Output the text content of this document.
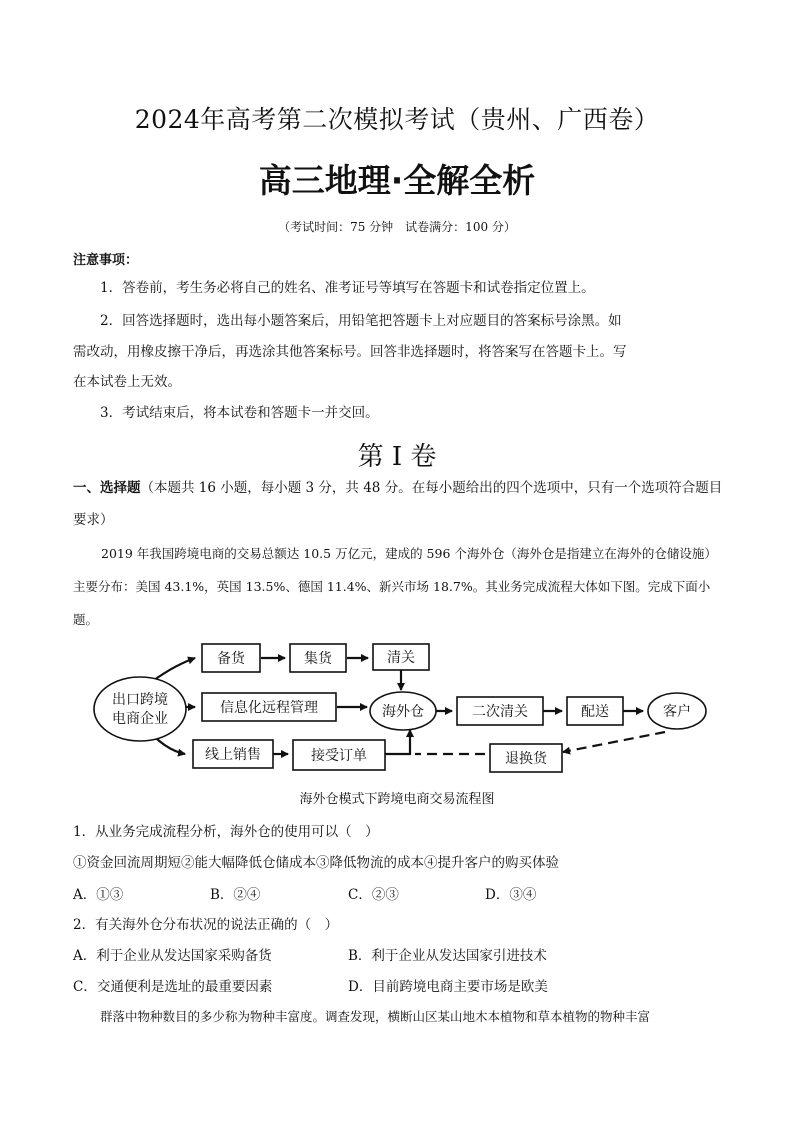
2024年高考第二次模拟考试（贵州、广西卷）
高三地理·全解全析
（考试时间：75 分钟　试卷满分：100 分）
注意事项：
1．答卷前，考生务必将自己的姓名、准考证号等填写在答题卡和试卷指定位置上。
2．回答选择题时，选出每小题答案后，用铅笔把答题卡上对应题目的答案标号涂黑。如
需改动，用橡皮擦干净后，再选涂其他答案标号。回答非选择题时，将答案写在答题卡上。写
在本试卷上无效。
3．考试结束后，将本试卷和答题卡一并交回。
第 I 卷
一、选择题（本题共 16 小题，每小题 3 分，共 48 分。在每小题给出的四个选项中，只有一个选项符合题目要求）
2019 年我国跨境电商的交易总额达 10.5 万亿元，建成的 596 个海外仓（海外仓是指建立在海外的仓储设施）主要分布：美国 43.1%，英国 13.5%、德国 11.4%、新兴市场 18.7%。其业务完成流程大体如下图。完成下面小题。
出口跨境
电商企业
备货	集货	清关
信息化远程管理	海外仓	二次清关	配送	客户
线上销售	接受订单	退换货
海外仓模式下跨境电商交易流程图
1．从业务完成流程分析，海外仓的使用可以（　）
①资金回流周期短②能大幅降低仓储成本③降低物流的成本④提升客户的购买体验
A．①③	B．②④	C．②③	D．③④
2．有关海外仓分布状况的说法正确的（　）
A．利于企业从发达国家采购备货	B．利于企业从发达国家引进技术
C．交通便利是选址的最重要因素	D．目前跨境电商主要市场是欧美
群落中物种数目的多少称为物种丰富度。调查发现，横断山区某山地木本植物和草本植物的物种丰富
